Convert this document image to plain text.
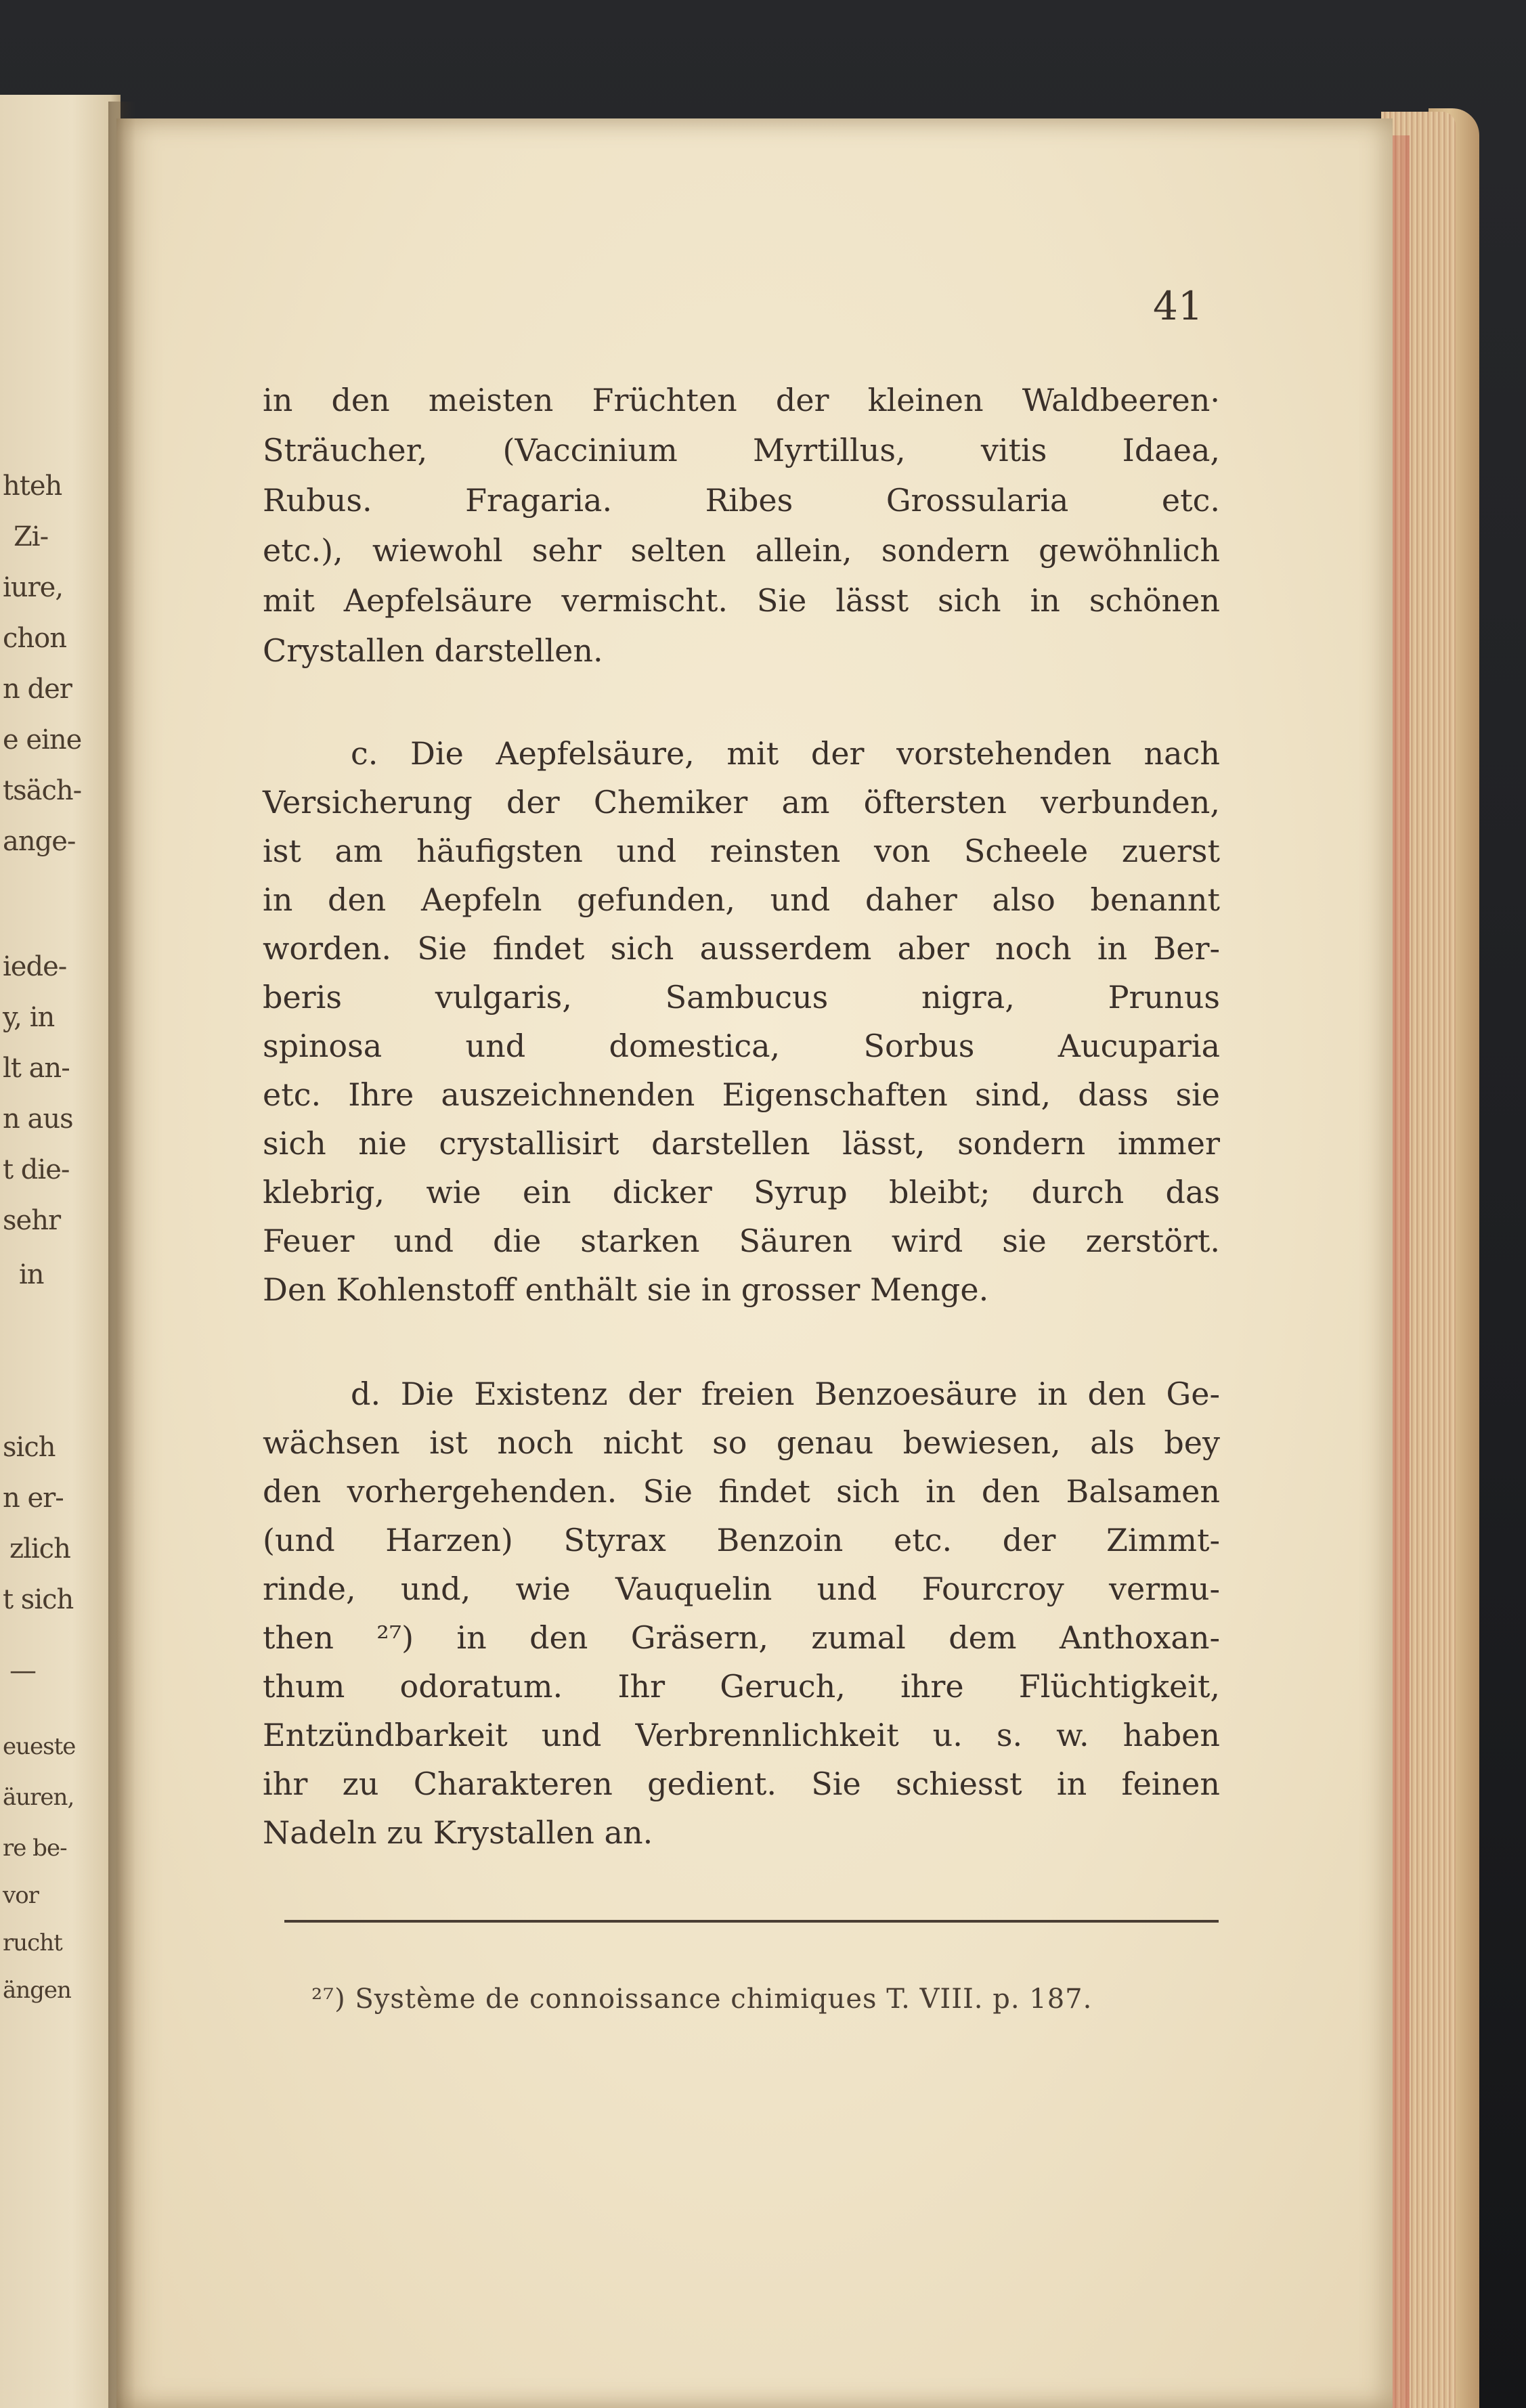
hteh
Zi-
iure,
chon
n der
e eine
tsäch-
ange-
iede-
y, in
lt an-
n aus
t die-
sehr
in
sich
n er-
zlich
t sich
—
eueste
äuren,
re be-
vor
rucht
ängen
41
in den meisten Früchten der kleinen Waldbeeren·
Sträucher, (Vaccinium Myrtillus, vitis Idaea,
Rubus. Fragaria. Ribes Grossularia etc.
etc.), wiewohl sehr selten allein, sondern gewöhnlich
mit Aepfelsäure vermischt. Sie lässt sich in schönen
Crystallen darstellen.
c. Die Aepfelsäure, mit der vorstehenden nach
Versicherung der Chemiker am öftersten verbunden,
ist am häufigsten und reinsten von Scheele zuerst
in den Aepfeln gefunden, und daher also benannt
worden. Sie findet sich ausserdem aber noch in Ber-
beris vulgaris, Sambucus nigra, Prunus
spinosa und domestica, Sorbus Aucuparia
etc. Ihre auszeichnenden Eigenschaften sind, dass sie
sich nie crystallisirt darstellen lässt, sondern immer
klebrig, wie ein dicker Syrup bleibt; durch das
Feuer und die starken Säuren wird sie zerstört.
Den Kohlenstoff enthält sie in grosser Menge.
d. Die Existenz der freien Benzoesäure in den Ge-
wächsen ist noch nicht so genau bewiesen, als bey
den vorhergehenden. Sie findet sich in den Balsamen
(und Harzen) Styrax Benzoin etc. der Zimmt-
rinde, und, wie Vauquelin und Fourcroy vermu-
then ²⁷) in den Gräsern, zumal dem Anthoxan-
thum odoratum. Ihr Geruch, ihre Flüchtigkeit,
Entzündbarkeit und Verbrennlichkeit u. s. w. haben
ihr zu Charakteren gedient. Sie schiesst in feinen
Nadeln zu Krystallen an.
²⁷) Système de connoissance chimiques T. VIII. p. 187.
